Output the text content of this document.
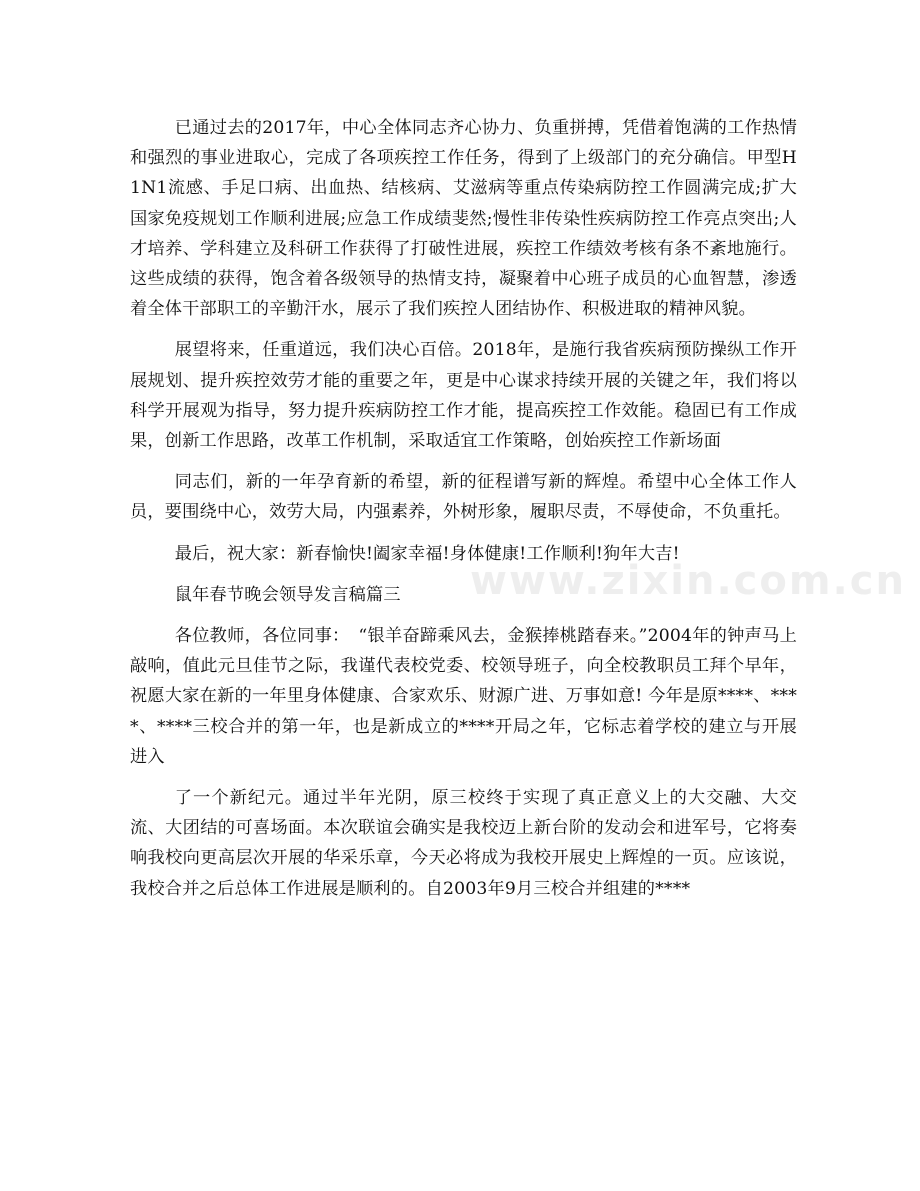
已通过去的2017年，中心全体同志齐心协力、负重拼搏，凭借着饱满的工作热情和强烈的事业进取心，完成了各项疾控工作任务，得到了上级部门的充分确信。甲型H1N1流感、手足口病、出血热、结核病、艾滋病等重点传染病防控工作圆满完成;扩大国家免疫规划工作顺利进展;应急工作成绩斐然;慢性非传染性疾病防控工作亮点突出;人才培养、学科建立及科研工作获得了打破性进展，疾控工作绩效考核有条不紊地施行。这些成绩的获得，饱含着各级领导的热情支持，凝聚着中心班子成员的心血智慧，渗透着全体干部职工的辛勤汗水，展示了我们疾控人团结协作、积极进取的精神风貌。

展望将来，任重道远，我们决心百倍。2018年，是施行我省疾病预防操纵工作开展规划、提升疾控效劳才能的重要之年，更是中心谋求持续开展的关键之年，我们将以科学开展观为指导，努力提升疾病防控工作才能，提高疾控工作效能。稳固已有工作成果，创新工作思路，改革工作机制，采取适宜工作策略，创始疾控工作新场面

同志们，新的一年孕育新的希望，新的征程谱写新的辉煌。希望中心全体工作人员，要围绕中心，效劳大局，内强素养，外树形象，履职尽责，不辱使命，不负重托。

最后，祝大家：新春愉快!阖家幸福!身体健康!工作顺利!狗年大吉!

鼠年春节晚会领导发言稿篇三

各位教师，各位同事：　“银羊奋蹄乘风去，金猴捧桃踏春来。”2004年的钟声马上敲响，值此元旦佳节之际，我谨代表校党委、校领导班子，向全校教职员工拜个早年，祝愿大家在新的一年里身体健康、合家欢乐、财源广进、万事如意! 今年是原****、****、****三校合并的第一年，也是新成立的****开局之年，它标志着学校的建立与开展进入

了一个新纪元。通过半年光阴，原三校终于实现了真正意义上的大交融、大交流、大团结的可喜场面。本次联谊会确实是我校迈上新台阶的发动会和进军号，它将奏响我校向更高层次开展的华采乐章，今天必将成为我校开展史上辉煌的一页。应该说，我校合并之后总体工作进展是顺利的。自2003年9月三校合并组建的****

www.zixin.com.cn
